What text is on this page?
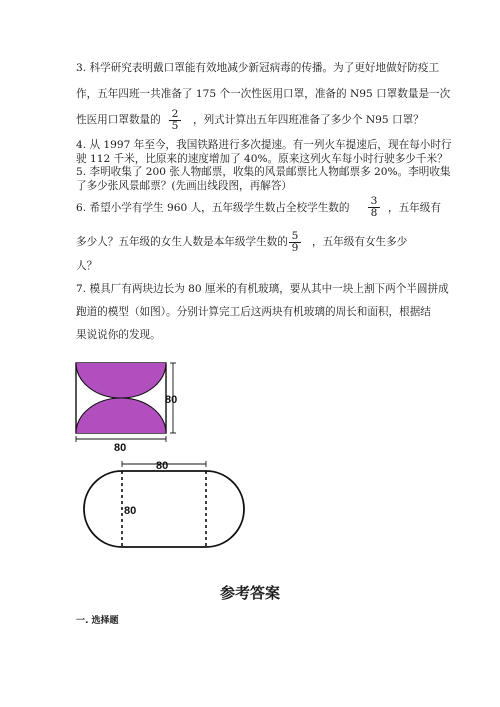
3. 科学研究表明戴口罩能有效地减少新冠病毒的传播。为了更好地做好防疫工
作，五年四班一共准备了 175 个一次性医用口罩，准备的 N95 口罩数量是一次
性医用口罩数量的 $\frac{2}{5}$ ，列式计算出五年四班准备了多少个 N95 口罩？
4. 从 1997 年至今，我国铁路进行多次提速。有一列火车提速后，现在每小时行
驶 112 千米，比原来的速度增加了 40%。原来这列火车每小时行驶多少千米？
5. 李明收集了 200 张人物邮票，收集的风景邮票比人物邮票多 20%。李明收集
了多少张风景邮票？(先画出线段图，再解答）
6. 希望小学有学生 960 人，五年级学生数占全校学生数的 $\frac{3}{8}$ ，五年级有
多少人？五年级的女生人数是本年级学生数的 $\frac{5}{9}$ ，五年级有女生多少
人？
7. 模具厂有两块边长为 80 厘米的有机玻璃，要从其中一块上割下两个半圆拼成
跑道的模型（如图）。分别计算完工后这两块有机玻璃的周长和面积，根据结
果说说你的发现。
80
80
80
80
参考答案
一. 选择题
